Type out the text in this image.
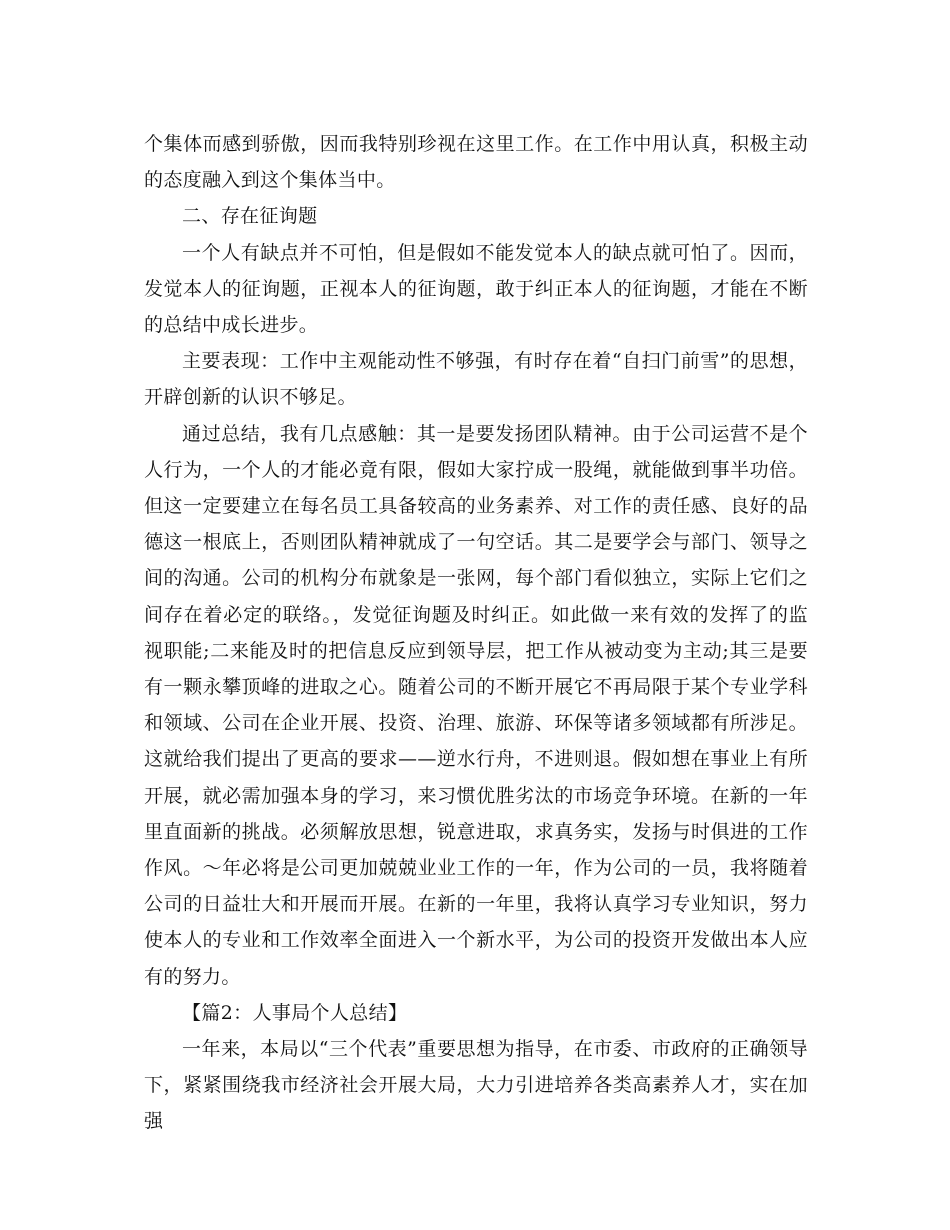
个集体而感到骄傲，因而我特别珍视在这里工作。在工作中用认真，积极主动的态度融入到这个集体当中。

二、存在征询题

一个人有缺点并不可怕，但是假如不能发觉本人的缺点就可怕了。因而，发觉本人的征询题，正视本人的征询题，敢于纠正本人的征询题，才能在不断的总结中成长进步。

主要表现：工作中主观能动性不够强，有时存在着“自扫门前雪”的思想，开辟创新的认识不够足。

通过总结，我有几点感触：其一是要发扬团队精神。由于公司运营不是个人行为，一个人的才能必竟有限，假如大家拧成一股绳，就能做到事半功倍。但这一定要建立在每名员工具备较高的业务素养、对工作的责任感、良好的品德这一根底上，否则团队精神就成了一句空话。其二是要学会与部门、领导之间的沟通。公司的机构分布就象是一张网，每个部门看似独立，实际上它们之间存在着必定的联络。，发觉征询题及时纠正。如此做一来有效的发挥了的监视职能;二来能及时的把信息反应到领导层，把工作从被动变为主动;其三是要有一颗永攀顶峰的进取之心。随着公司的不断开展它不再局限于某个专业学科和领域、公司在企业开展、投资、治理、旅游、环保等诸多领域都有所涉足。这就给我们提出了更高的要求——逆水行舟，不进则退。假如想在事业上有所开展，就必需加强本身的学习，来习惯优胜劣汰的市场竞争环境。在新的一年里直面新的挑战。必须解放思想，锐意进取，求真务实，发扬与时俱进的工作作风。～年必将是公司更加兢兢业业工作的一年，作为公司的一员，我将随着公司的日益壮大和开展而开展。在新的一年里，我将认真学习专业知识，努力使本人的专业和工作效率全面进入一个新水平，为公司的投资开发做出本人应有的努力。

【篇2：人事局个人总结】

一年来，本局以“三个代表”重要思想为指导，在市委、市政府的正确领导下，紧紧围绕我市经济社会开展大局，大力引进培养各类高素养人才，实在加强
